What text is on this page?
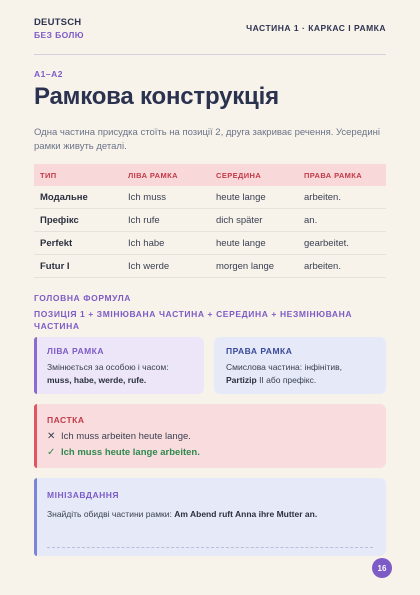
DEUTSCH
БЕЗ БОЛЮ
ЧАСТИНА 1 · КАРКАС І РАМКА
A1–A2
Рамкова конструкція
Одна частина присудка стоїть на позиції 2, друга закриває речення. Усередині рамки живуть деталі.
ТИП	ЛІВА РАМКА	СЕРЕДИНА	ПРАВА РАМКА
Модальне	Ich muss	heute lange	arbeiten.
Префікс	Ich rufe	dich später	an.
Perfekt	Ich habe	heute lange	gearbeitet.
Futur I	Ich werde	morgen lange	arbeiten.
ГОЛОВНА ФОРМУЛА
ПОЗИЦІЯ 1 + ЗМІНЮВАНА ЧАСТИНА + СЕРЕДИНА + НЕЗМІНЮВАНА ЧАСТИНА
ЛІВА РАМКА
Змінюється за особою і часом:
muss, habe, werde, rufe.
ПРАВА РАМКА
Смислова частина: інфінітив,
Partizip II або префікс.
ПАСТКА
✕ Ich muss arbeiten heute lange.
✓ Ich muss heute lange arbeiten.
МІНІЗАВДАННЯ
Знайдіть обидві частини рамки: Am Abend ruft Anna ihre Mutter an.
16
